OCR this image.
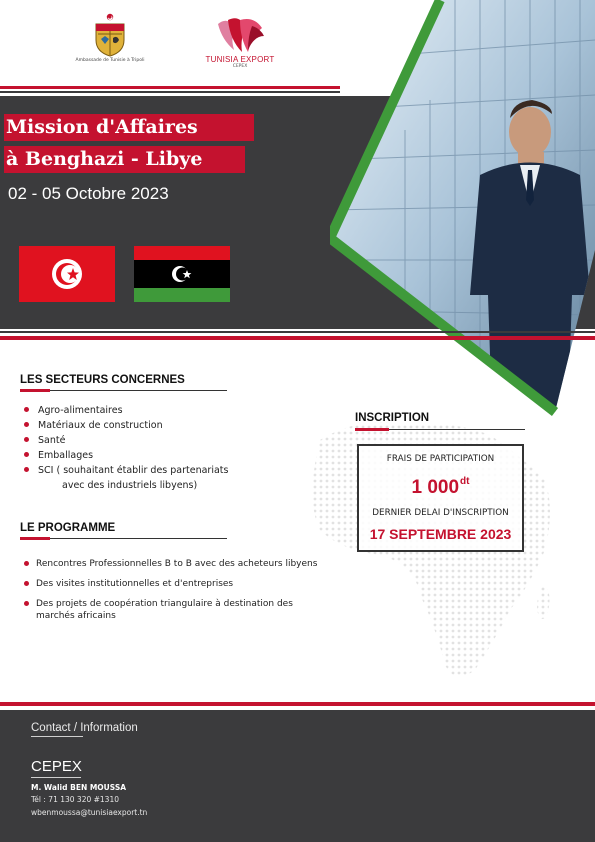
Ambassade de Tunisie à Tripoli	TUNISIA EXPORT
CEPEX
Mission d'Affaires
à Benghazi - Libye
02 - 05 Octobre 2023
LES SECTEURS CONCERNES
Agro-alimentaires
Matériaux de construction
Santé
Emballages
SCI ( souhaitant établir des partenariats
avec des industriels libyens)
LE PROGRAMME
Rencontres Professionnelles B to B avec des acheteurs libyens
Des visites institutionnelles et d'entreprises
Des projets de coopération triangulaire à destination des marchés africains
INSCRIPTION
FRAIS DE PARTICIPATION
1 $000^{dt}$
DERNIER DELAI D'INSCRIPTION
17 SEPTEMBRE 2023
Contact / Information
CEPEX
M. Walid BEN MOUSSA
Tél : 71 130 320 #1310
wbenmoussa@tunisiaexport.tn
